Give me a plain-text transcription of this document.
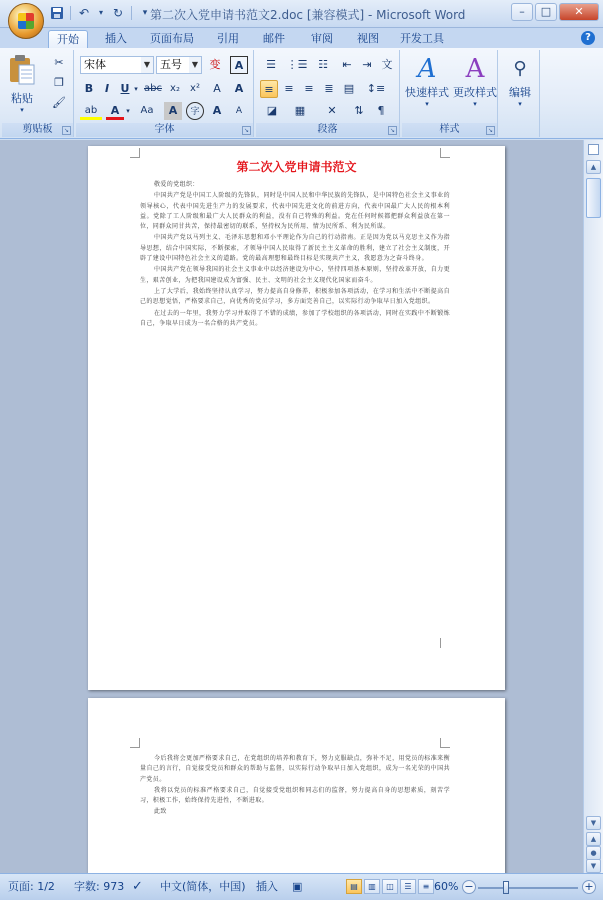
↶ ▾ ↻	▾ 第二次入党申请书范文2.doc [兼容模式] - Microsoft Word	–	□	✕
开始	插入	页面布局	引用	邮件	审阅	视图	开发工具	?
粘贴
▾
✂
❐
🖌
剪贴板	↘
宋体	▼ 五号	▼	变	A
B	I	U ▾ abc x₂	x²	A	A
ab	A ▾	Aa	A	字	A	A
字体	↘
☰ ⋮☰ ☷	⇤ ⇥ 文
≡ ≡ ≡ ≣ ▤	↕≡
◪	▦	✕	⇅	¶
段落	↘
A
快速样式
▾
A
更改样式
▾
样式	↘
⚲
编辑
▾
第二次入党申请书范文

敬爱的党组织：

中国共产党是中国工人阶级的先锋队，同时是中国人民和中华民族的先锋队，是中国特色社会主义事业的领导核心，代表中国先进生产力的发展要求，代表中国先进文化的前进方向，代表中国最广大人民的根本利益。党除了工人阶级和最广大人民群众的利益，没有自己特殊的利益。党在任何时候都把群众利益放在第一位，同群众同甘共苦，保持最密切的联系，坚持权为民所用、情为民所系、利为民所谋。

中国共产党以马列主义、毛泽东思想和邓小平理论作为自己的行动指南。正是因为党以马克思主义作为指导思想，结合中国实际，不断探索，才领导中国人民取得了新民主主义革命的胜利，建立了社会主义制度，开辟了建设中国特色社会主义的道路。党的最高理想和最终目标是实现共产主义，我愿意为之奋斗终身。

中国共产党在领导我国的社会主义事业中以经济建设为中心，坚持四项基本原则，坚持改革开放，自力更生，艰苦创业，为把我国建设成为富强、民主、文明的社会主义现代化国家而奋斗。

上了大学后，我始终坚持认真学习，努力提高自身修养，积极参加各项活动，在学习和生活中不断提高自己的思想觉悟，严格要求自己，向优秀的党员学习，多方面完善自己，以实际行动争取早日加入党组织。

在过去的一年里，我努力学习并取得了不错的成绩，参加了学校组织的各项活动，同时在实践中不断锻炼自己，争取早日成为一名合格的共产党员。

今后我将会更加严格要求自己，在党组织的培养和教育下，努力克服缺点，弥补不足，用党员的标准来衡量自己的言行，自觉接受党员和群众的帮助与监督，以实际行动争取早日加入党组织，成为一名光荣的中国共产党员。

我将以党员的标准严格要求自己，自觉接受党组织和同志们的监督，努力提高自身的思想素质，刻苦学习，积极工作，始终保持先进性，不断进取。

此致

▲
▼
▲
●
▼
页面: 1/2 字数: 973 ✓ 中文(简体，中国) 插入 ▣	▤	▥	◫	☰	≡ 60% −	+
